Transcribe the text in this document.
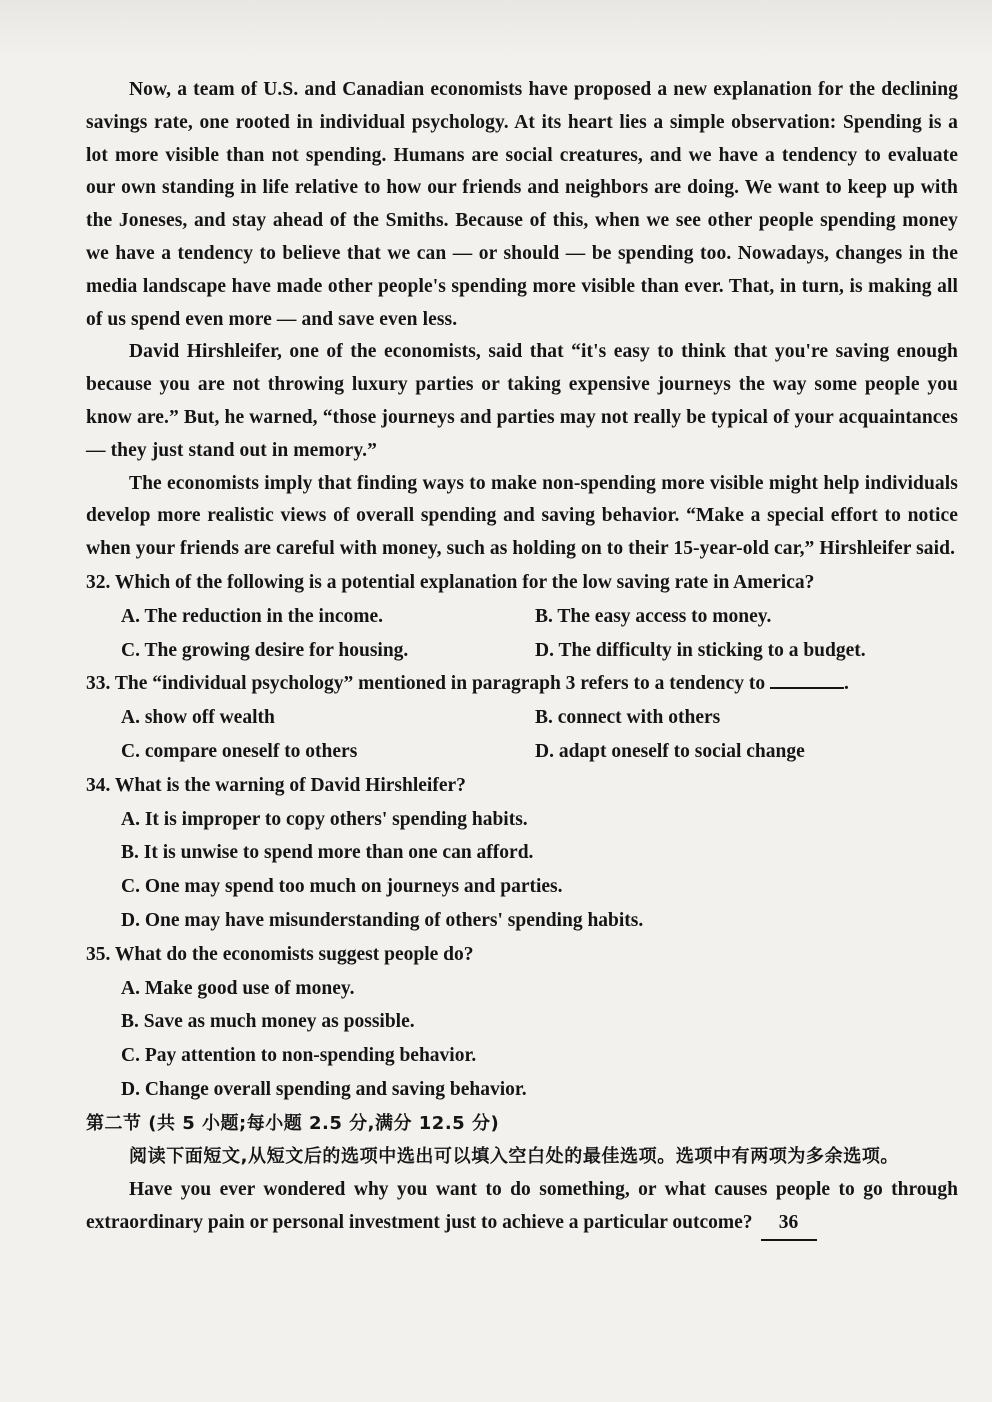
Now, a team of U.S. and Canadian economists have proposed a new explanation for the declining savings rate, one rooted in individual psychology. At its heart lies a simple observation: Spending is a lot more visible than not spending. Humans are social creatures, and we have a tendency to evaluate our own standing in life relative to how our friends and neighbors are doing. We want to keep up with the Joneses, and stay ahead of the Smiths. Because of this, when we see other people spending money we have a tendency to believe that we can — or should — be spending too. Nowadays, changes in the media landscape have made other people's spending more visible than ever. That, in turn, is making all of us spend even more — and save even less.

David Hirshleifer, one of the economists, said that “it's easy to think that you're saving enough because you are not throwing luxury parties or taking expensive journeys the way some people you know are.” But, he warned, “those journeys and parties may not really be typical of your acquaintances — they just stand out in memory.”

The economists imply that finding ways to make non-spending more visible might help individuals develop more realistic views of overall spending and saving behavior. “Make a special effort to notice when your friends are careful with money, such as holding on to their 15-year-old car,” Hirshleifer said.

32. Which of the following is a potential explanation for the low saving rate in America?

A. The reduction in the income.	B. The easy access to money.
C. The growing desire for housing.	D. The difficulty in sticking to a budget.

33. The “individual psychology” mentioned in paragraph 3 refers to a tendency to	.

A. show off wealth	B. connect with others
C. compare oneself to others	D. adapt oneself to social change

34. What is the warning of David Hirshleifer?

A. It is improper to copy others' spending habits.
B. It is unwise to spend more than one can afford.
C. One may spend too much on journeys and parties.
D. One may have misunderstanding of others' spending habits.

35. What do the economists suggest people do?

A. Make good use of money.
B. Save as much money as possible.
C. Pay attention to non-spending behavior.
D. Change overall spending and saving behavior.

第二节 (共 5 小题;每小题 2.5 分,满分 12.5 分)

阅读下面短文,从短文后的选项中选出可以填入空白处的最佳选项。选项中有两项为多余选项。

Have you ever wondered why you want to do something, or what causes people to go through extraordinary pain or personal investment just to achieve a particular outcome? 36
